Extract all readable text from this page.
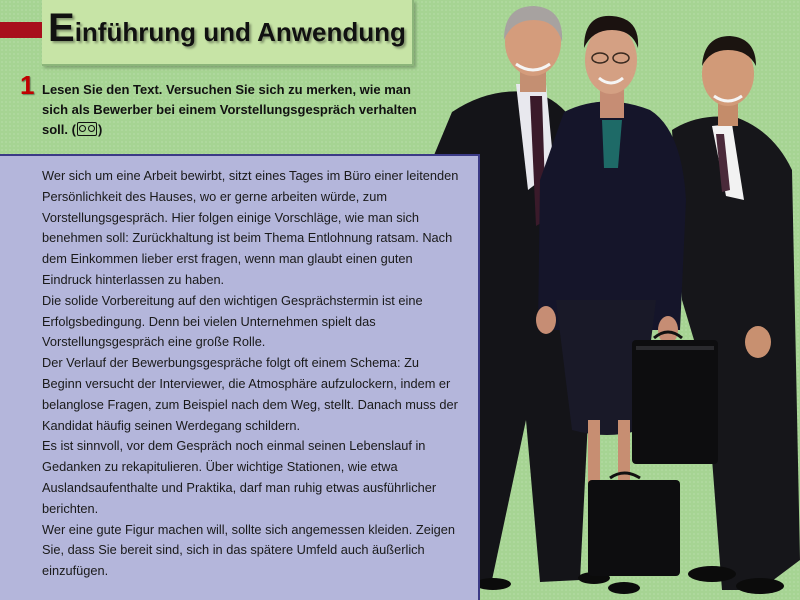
Einführung und Anwendung
1 Lesen Sie den Text. Versuchen Sie sich zu merken, wie man sich als Bewerber bei einem Vorstellungsgespräch verhalten soll. ( )

Wer sich um eine Arbeit bewirbt, sitzt eines Tages im Büro einer leitenden Persönlichkeit des Hauses, wo er gerne arbeiten würde, zum Vorstellungsgespräch. Hier folgen einige Vorschläge, wie man sich benehmen soll: Zurückhaltung ist beim Thema Entlohnung ratsam. Nach dem Einkommen lieber erst fragen, wenn man glaubt einen guten Eindruck hinterlassen zu haben.

Die solide Vorbereitung auf den wichtigen Gesprächstermin ist eine Erfolgsbedingung. Denn bei vielen Unternehmen spielt das Vorstellungsgespräch eine große Rolle.

Der Verlauf der Bewerbungsgespräche folgt oft einem Schema: Zu Beginn versucht der Interviewer, die Atmosphäre aufzulockern, indem er belanglose Fragen, zum Beispiel nach dem Weg, stellt. Danach muss der Kandidat häufig seinen Werdegang schildern.

Es ist sinnvoll, vor dem Gespräch noch einmal seinen Lebenslauf in Gedanken zu rekapitulieren. Über wichtige Stationen, wie etwa Auslandsaufenthalte und Praktika, darf man ruhig etwas ausführlicher berichten.

Wer eine gute Figur machen will, sollte sich angemessen kleiden. Zeigen Sie, dass Sie bereit sind, sich in das spätere Umfeld auch äußerlich einzufügen.
